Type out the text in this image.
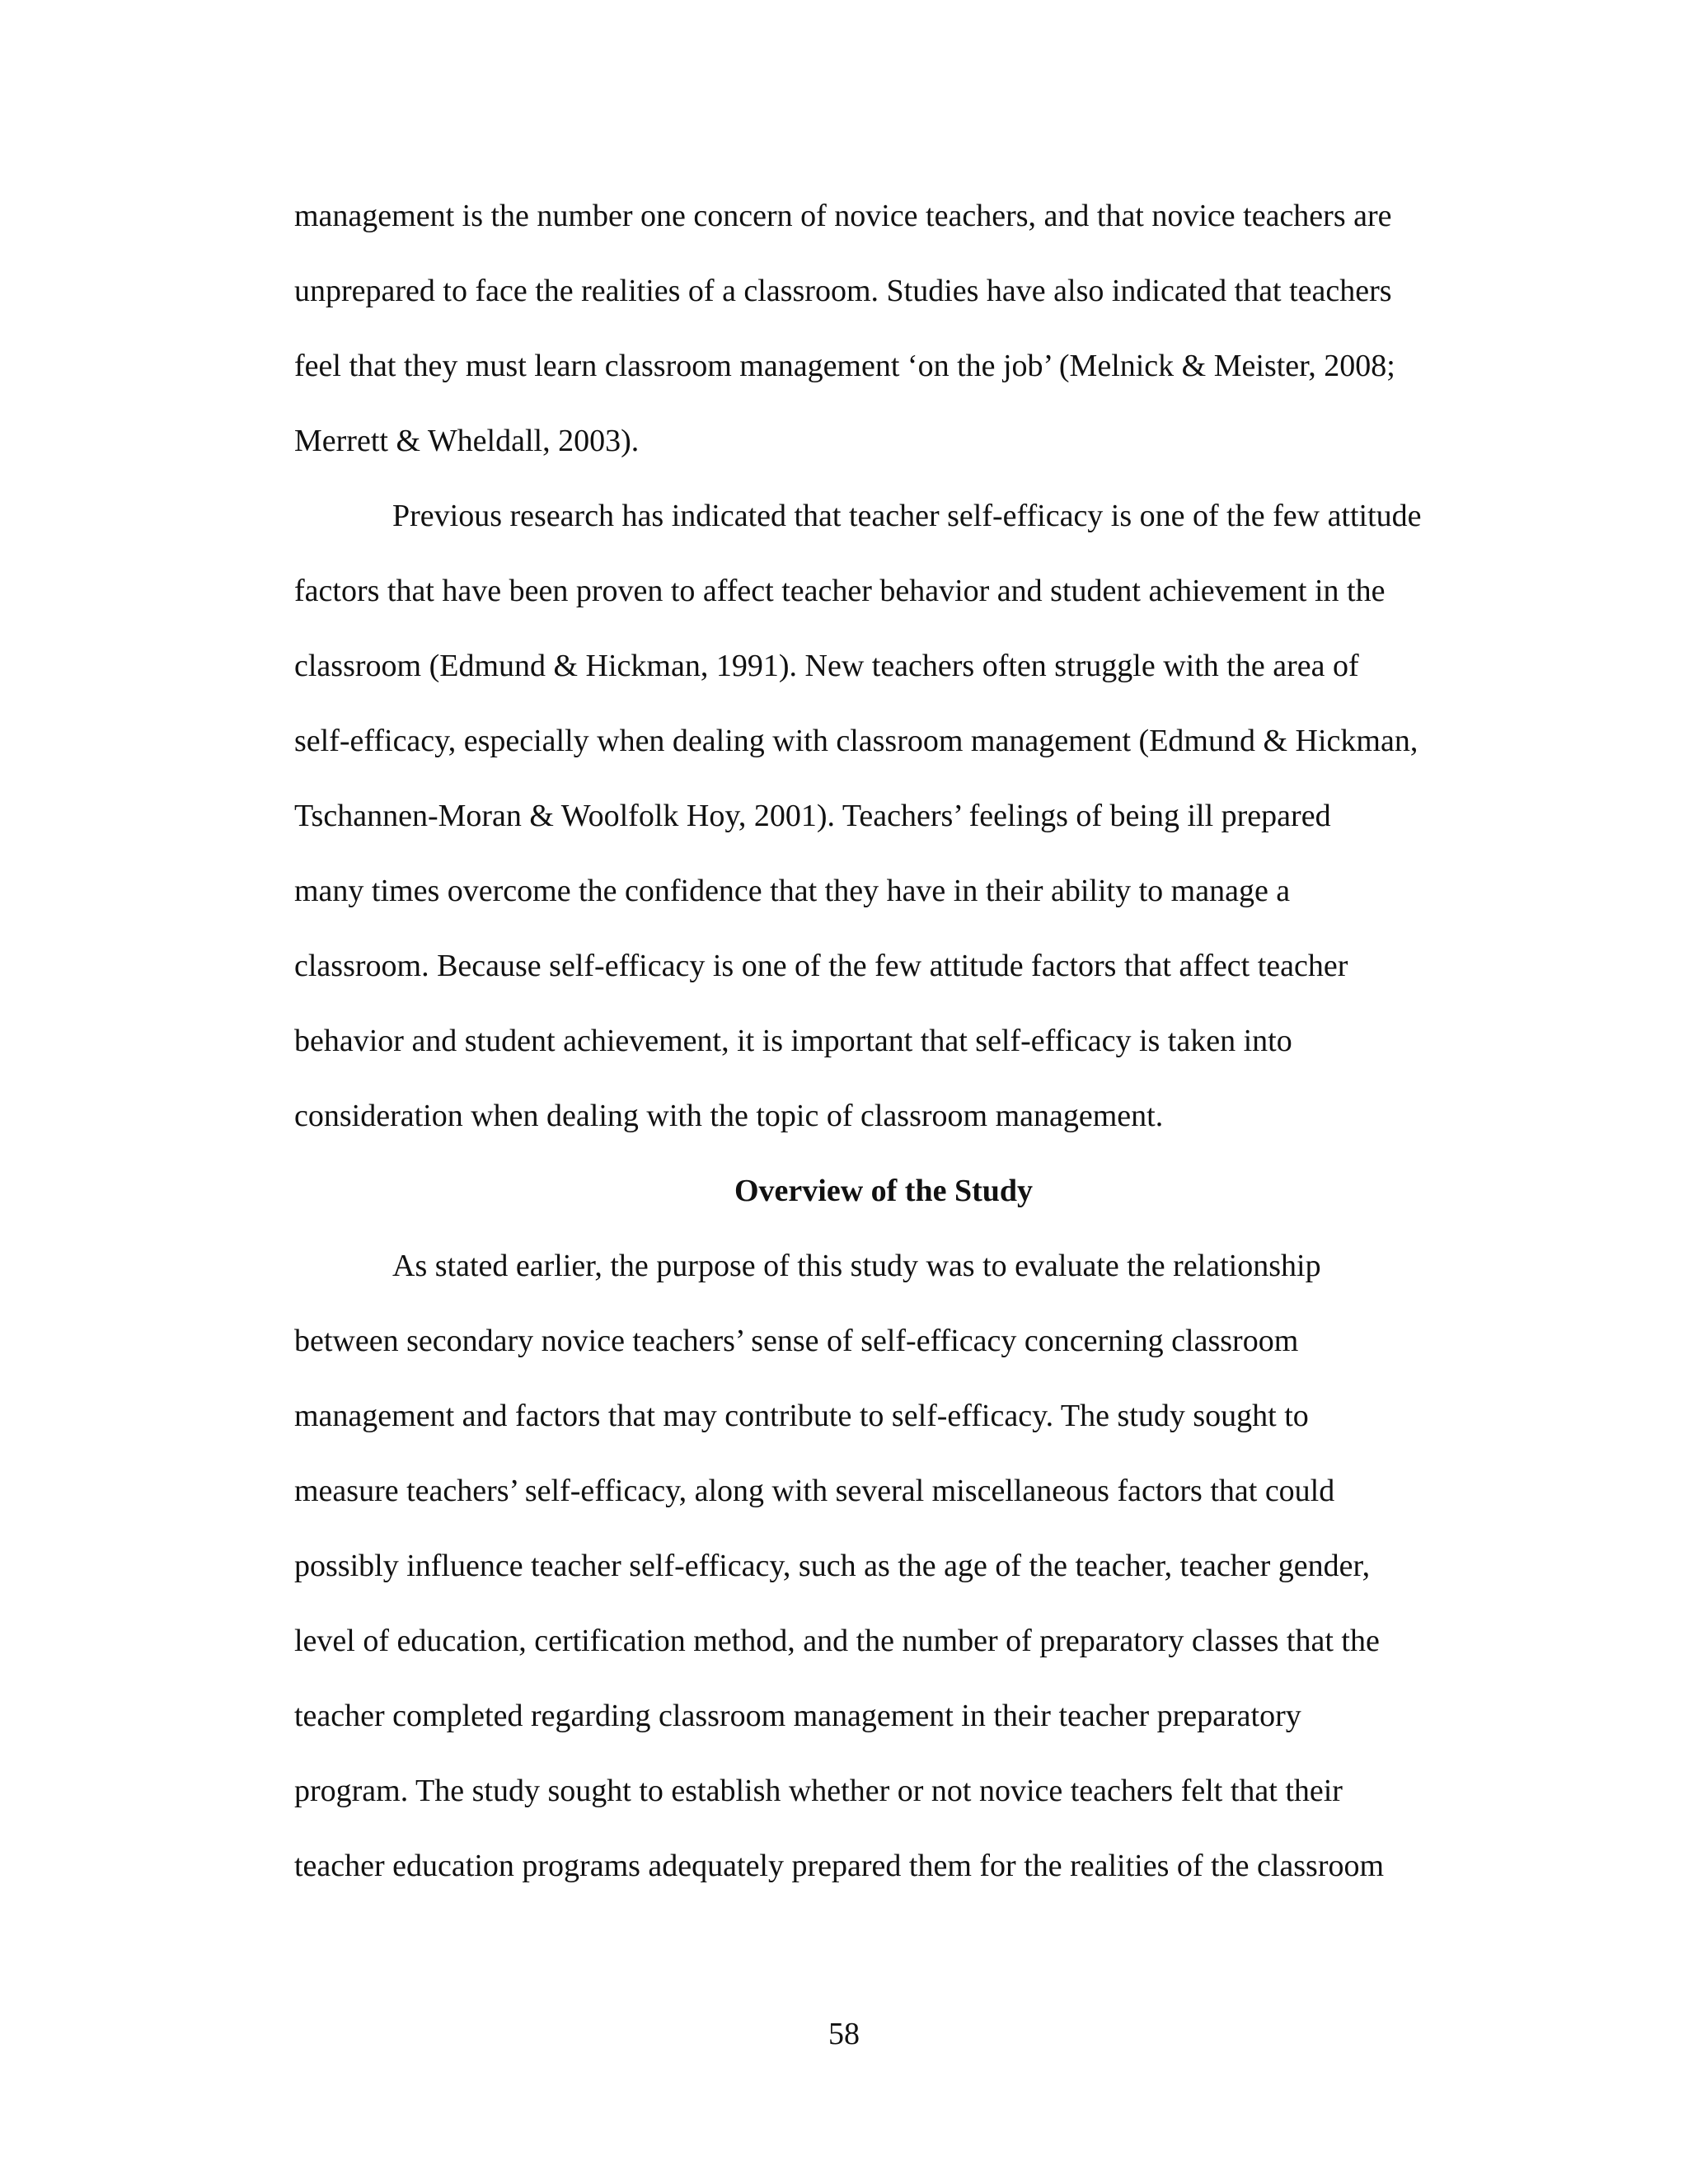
management is the number one concern of novice teachers, and that novice teachers are
unprepared to face the realities of a classroom. Studies have also indicated that teachers
feel that they must learn classroom management ‘on the job’ (Melnick & Meister, 2008;
Merrett & Wheldall, 2003).
Previous research has indicated that teacher self-efficacy is one of the few attitude
factors that have been proven to affect teacher behavior and student achievement in the
classroom (Edmund & Hickman, 1991). New teachers often struggle with the area of
self-efficacy, especially when dealing with classroom management (Edmund & Hickman,
Tschannen-Moran & Woolfolk Hoy, 2001). Teachers’ feelings of being ill prepared
many times overcome the confidence that they have in their ability to manage a
classroom. Because self-efficacy is one of the few attitude factors that affect teacher
behavior and student achievement, it is important that self-efficacy is taken into
consideration when dealing with the topic of classroom management.
Overview of the Study
As stated earlier, the purpose of this study was to evaluate the relationship
between secondary novice teachers’ sense of self-efficacy concerning classroom
management and factors that may contribute to self-efficacy. The study sought to
measure teachers’ self-efficacy, along with several miscellaneous factors that could
possibly influence teacher self-efficacy, such as the age of the teacher, teacher gender,
level of education, certification method, and the number of preparatory classes that the
teacher completed regarding classroom management in their teacher preparatory
program. The study sought to establish whether or not novice teachers felt that their
teacher education programs adequately prepared them for the realities of the classroom
58
